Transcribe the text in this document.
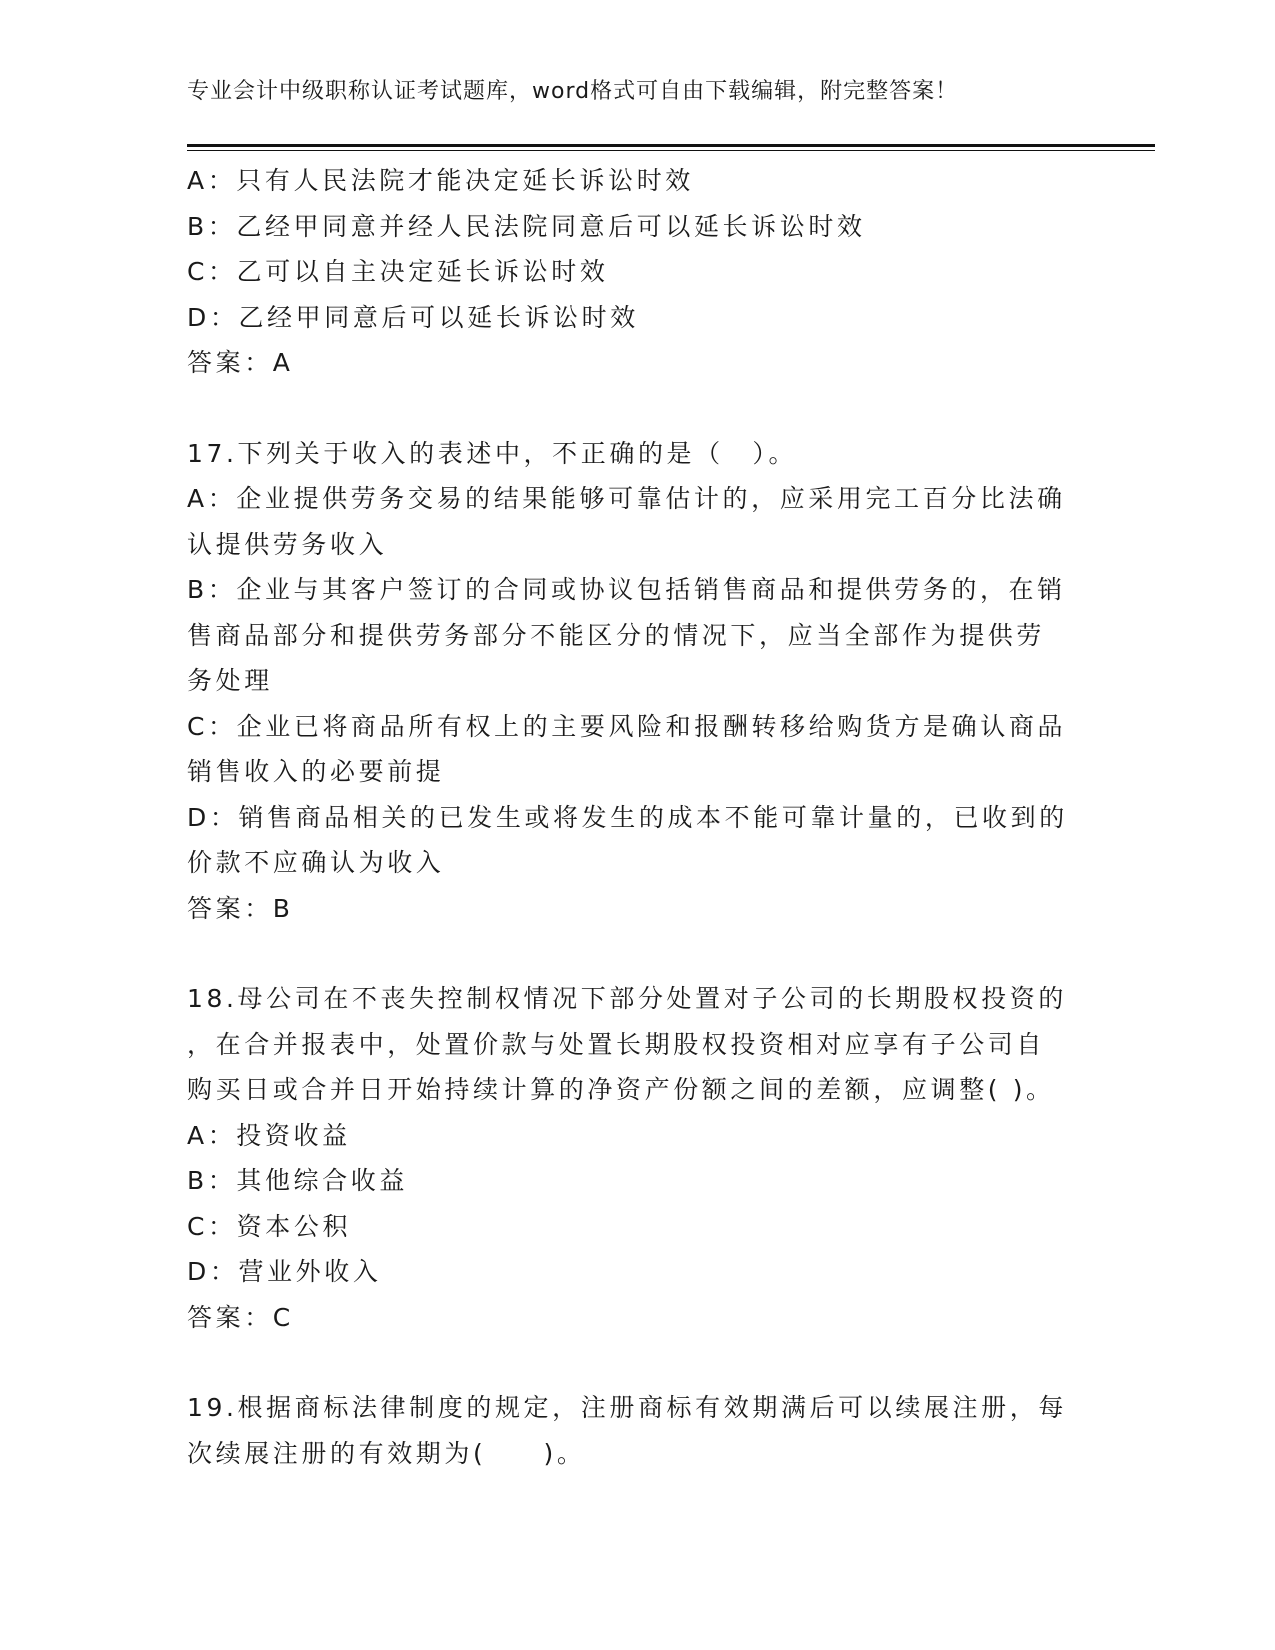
专业会计中级职称认证考试题库，word格式可自由下载编辑，附完整答案！
A：只有人民法院才能决定延长诉讼时效
B：乙经甲同意并经人民法院同意后可以延长诉讼时效
C：乙可以自主决定延长诉讼时效
D：乙经甲同意后可以延长诉讼时效
答案：A
17.下列关于收入的表述中，不正确的是（　）。
A：企业提供劳务交易的结果能够可靠估计的，应采用完工百分比法确
认提供劳务收入
B：企业与其客户签订的合同或协议包括销售商品和提供劳务的，在销
售商品部分和提供劳务部分不能区分的情况下，应当全部作为提供劳
务处理
C：企业已将商品所有权上的主要风险和报酬转移给购货方是确认商品
销售收入的必要前提
D：销售商品相关的已发生或将发生的成本不能可靠计量的，已收到的
价款不应确认为收入
答案：B
18.母公司在不丧失控制权情况下部分处置对子公司的长期股权投资的
，在合并报表中，处置价款与处置长期股权投资相对应享有子公司自
购买日或合并日开始持续计算的净资产份额之间的差额，应调整( )。
A：投资收益
B：其他综合收益
C：资本公积
D：营业外收入
答案：C
19.根据商标法律制度的规定，注册商标有效期满后可以续展注册，每
次续展注册的有效期为(　　)。
